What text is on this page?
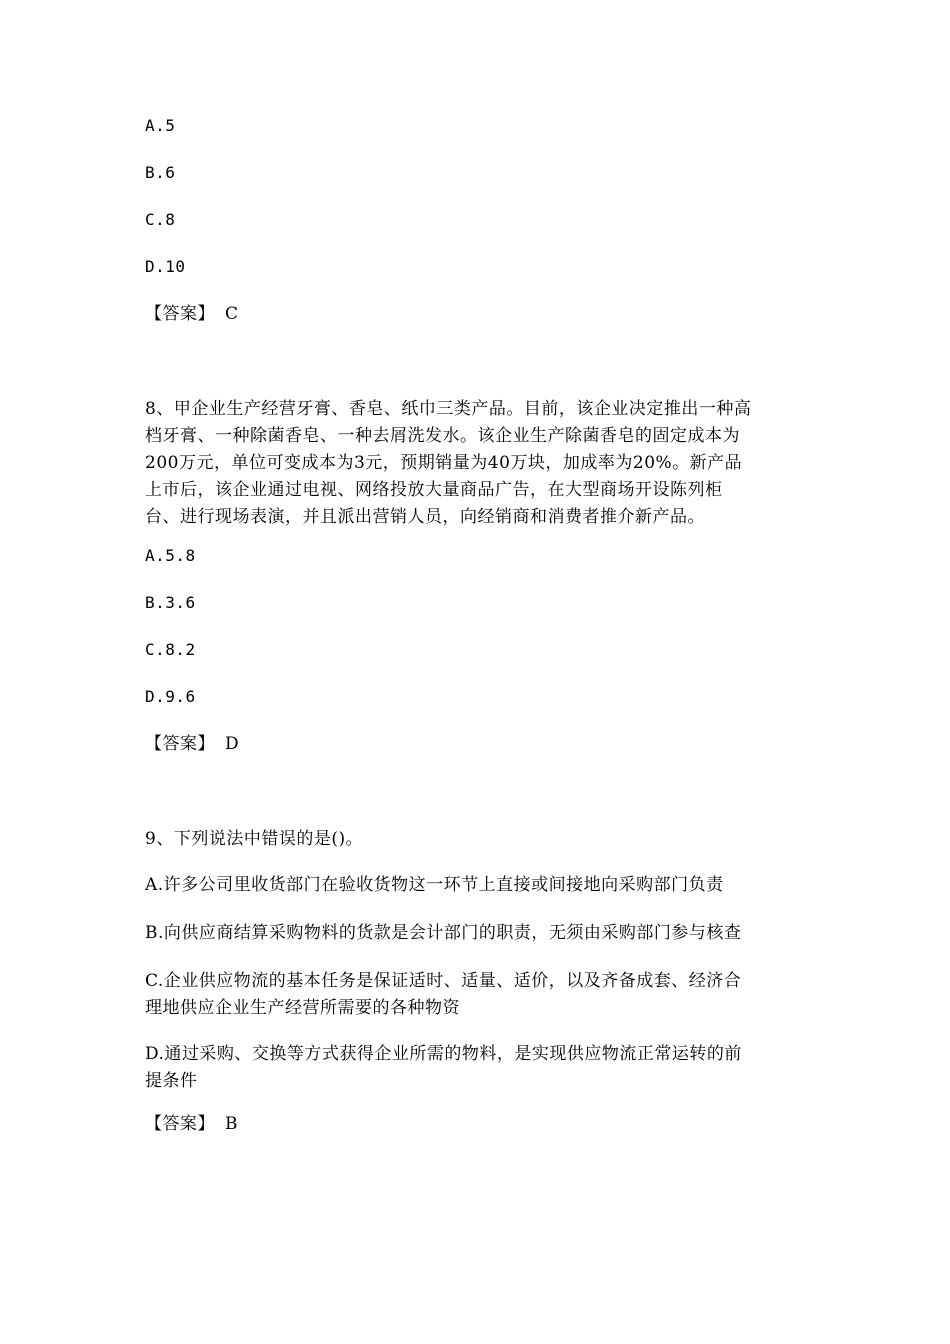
A.5
B.6
C.8
D.10
【答案】 C
8、甲企业生产经营牙膏、香皂、纸巾三类产品。目前，该企业决定推出一种高
档牙膏、一种除菌香皂、一种去屑洗发水。该企业生产除菌香皂的固定成本为
200万元，单位可变成本为3元，预期销量为40万块，加成率为20%。新产品
上市后，该企业通过电视、网络投放大量商品广告，在大型商场开设陈列柜
台、进行现场表演，并且派出营销人员，向经销商和消费者推介新产品。
A.5.8
B.3.6
C.8.2
D.9.6
【答案】 D
9、下列说法中错误的是()。
A.许多公司里收货部门在验收货物这一环节上直接或间接地向采购部门负责
B.向供应商结算采购物料的货款是会计部门的职责，无须由采购部门参与核查
C.企业供应物流的基本任务是保证适时、适量、适价，以及齐备成套、经济合
理地供应企业生产经营所需要的各种物资
D.通过采购、交换等方式获得企业所需的物料，是实现供应物流正常运转的前
提条件
【答案】 B
